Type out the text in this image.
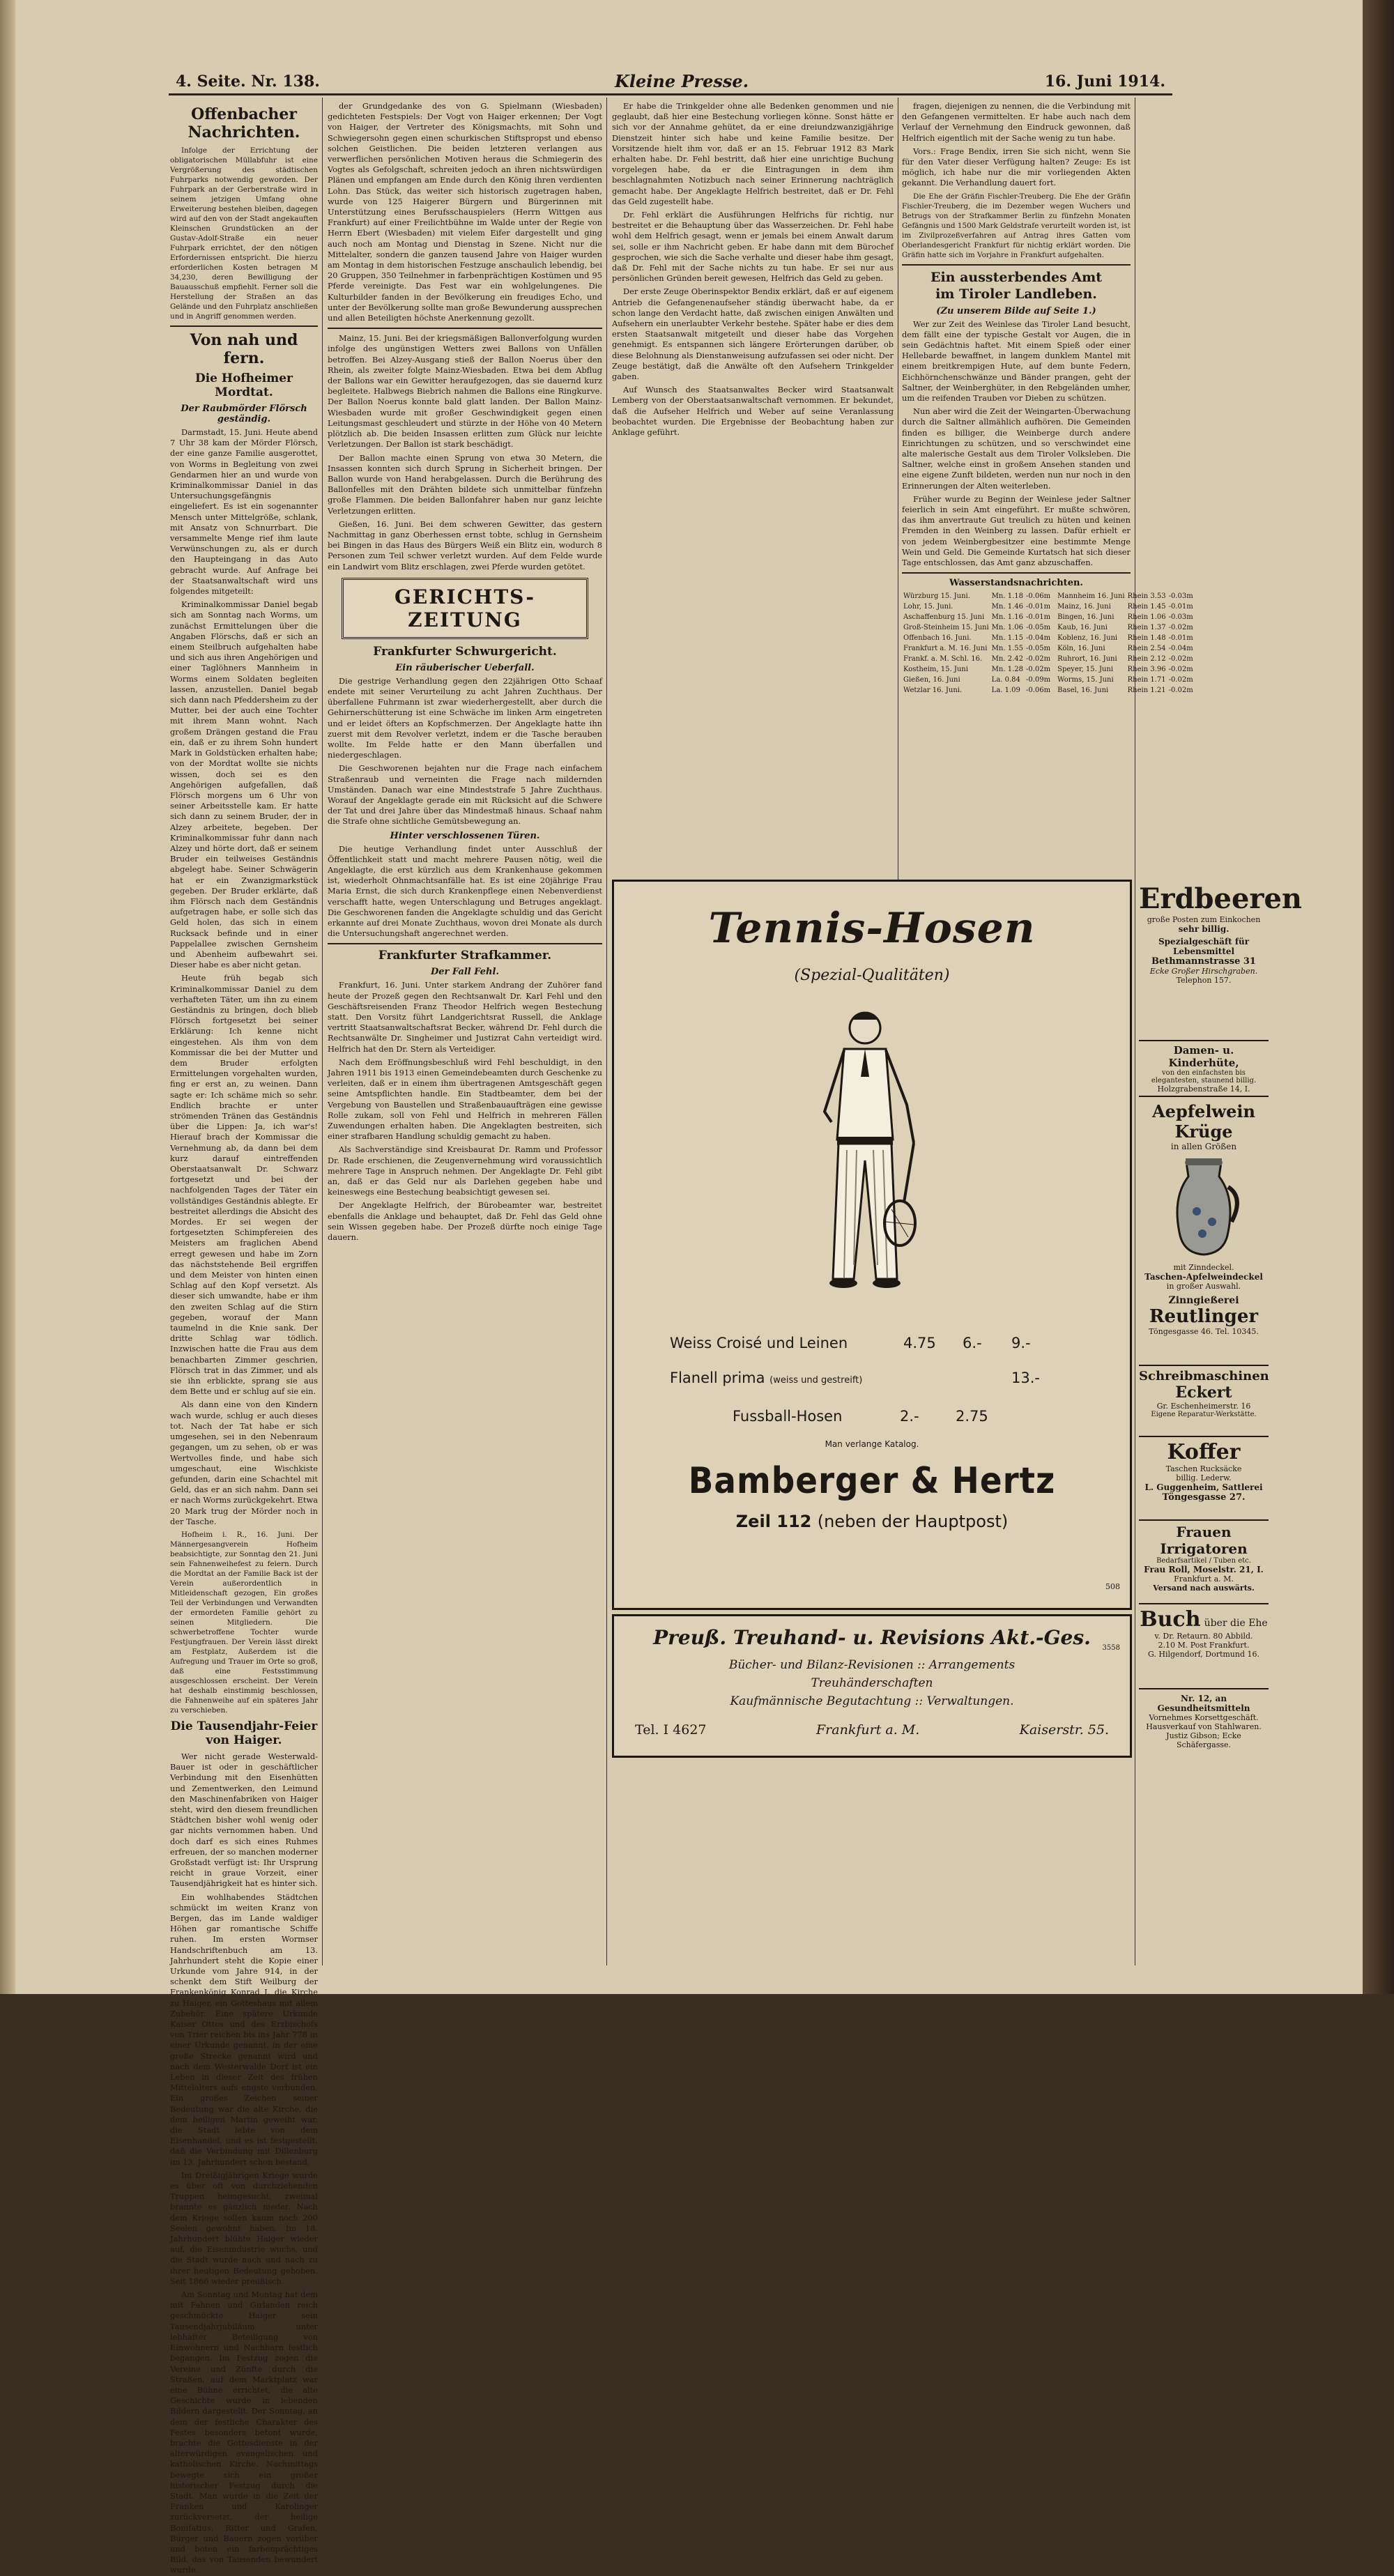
4. Seite. Nr. 138.	Kleine Presse.	16. Juni 1914.
Offenbacher Nachrichten.

Infolge der Errichtung der obligatorischen Müllabfuhr ist eine Vergrößerung des städtischen Fuhrparks notwendig geworden. Der Fuhrpark an der Gerberstraße wird in seinem jetzigen Umfang ohne Erweiterung bestehen bleiben, dagegen wird auf den von der Stadt angekauften Kleinschen Grundstücken an der Gustav-Adolf-Straße ein neuer Fuhrpark errichtet, der den nötigen Erfordernissen entspricht. Die hierzu erforderlichen Kosten betragen M 34,230, deren Bewilligung der Bauausschuß empfiehlt. Ferner soll die Herstellung der Straßen an das Gelände und den Fuhrplatz anschließen und in Angriff genommen werden.

Von nah und fern.
Die Hofheimer Mordtat.
Der Raubmörder Flörsch geständig.

Darmstadt, 15. Juni. Heute abend 7 Uhr 38 kam der Mörder Flörsch, der eine ganze Familie ausgerottet, von Worms in Begleitung von zwei Gendarmen hier an und wurde von Kriminalkommissar Daniel in das Untersuchungsgefängnis eingeliefert. Es ist ein sogenannter Mensch unter Mittelgröße, schlank, mit Ansatz von Schnurrbart. Die versammelte Menge rief ihm laute Verwünschungen zu, als er durch den Haupteingang in das Auto gebracht wurde. Auf Anfrage bei der Staatsanwaltschaft wird uns folgendes mitgeteilt:

Kriminalkommissar Daniel begab sich am Sonntag nach Worms, um zunächst Ermittelungen über die Angaben Flörschs, daß er sich an einem Steilbruch aufgehalten habe und sich aus ihren Angehörigen und einer Taglöhners Mannheim in Worms einem Soldaten begleiten lassen, anzustellen. Daniel begab sich dann nach Pfeddersheim zu der Mutter, bei der auch eine Tochter mit ihrem Mann wohnt. Nach großem Drängen gestand die Frau ein, daß er zu ihrem Sohn hundert Mark in Goldstücken erhalten habe; von der Mordtat wollte sie nichts wissen, doch sei es den Angehörigen aufgefallen, daß Flörsch morgens um 6 Uhr von seiner Arbeitsstelle kam. Er hatte sich dann zu seinem Bruder, der in Alzey arbeitete, begeben. Der Kriminalkommissar fuhr dann nach Alzey und hörte dort, daß er seinem Bruder ein teilweises Geständnis abgelegt habe. Seiner Schwägerin hat er ein Zwanzigmarkstück gegeben. Der Bruder erklärte, daß ihm Flörsch nach dem Geständnis aufgetragen habe, er solle sich das Geld holen, das sich in einem Rucksack befinde und in einer Pappelallee zwischen Gernsheim und Abenheim aufbewahrt sei. Dieser habe es aber nicht getan.

Heute früh begab sich Kriminalkommissar Daniel zu dem verhafteten Täter, um ihn zu einem Geständnis zu bringen, doch blieb Flörsch fortgesetzt bei seiner Erklärung: Ich kenne nicht eingestehen. Als ihm von dem Kommissar die bei der Mutter und dem Bruder erfolgten Ermittelungen vorgehalten wurden, fing er erst an, zu weinen. Dann sagte er: Ich schäme mich so sehr. Endlich brachte er unter strömenden Tränen das Geständnis über die Lippen: Ja, ich war's! Hierauf brach der Kommissar die Vernehmung ab, da dann bei dem kurz darauf eintreffenden Oberstaatsanwalt Dr. Schwarz fortgesetzt und bei der nachfolgenden Tages der Täter ein vollständiges Geständnis ablegte. Er bestreitet allerdings die Absicht des Mordes. Er sei wegen der fortgesetzten Schimpfereien des Meisters am fraglichen Abend erregt gewesen und habe im Zorn das nächststehende Beil ergriffen und dem Meister von hinten einen Schlag auf den Kopf versetzt. Als dieser sich umwandte, habe er ihm den zweiten Schlag auf die Stirn gegeben, worauf der Mann taumelnd in die Knie sank. Der dritte Schlag war tödlich. Inzwischen hatte die Frau aus dem benachbarten Zimmer geschrien, Flörsch trat in das Zimmer, und als sie ihn erblickte, sprang sie aus dem Bette und er schlug auf sie ein.

Als dann eine von den Kindern wach wurde, schlug er auch dieses tot. Nach der Tat habe er sich umgesehen, sei in den Nebenraum gegangen, um zu sehen, ob er was Wertvolles finde, und habe sich umgeschaut, eine Wischkiste gefunden, darin eine Schachtel mit Geld, das er an sich nahm. Dann sei er nach Worms zurückgekehrt. Etwa 20 Mark trug der Mörder noch in der Tasche.

Hofheim i. R., 16. Juni. Der Männergesangverein Hofheim beabsichtigte, zur Sonntag den 21. Juni sein Fahnenweihefest zu feiern. Durch die Mordtat an der Familie Back ist der Verein außerordentlich in Mitleidenschaft gezogen, Ein großes Teil der Verbindungen und Verwandten der ermordeten Familie gehört zu seinen Mitgliedern. Die schwerbetroffene Tochter wurde Festjungfrauen. Der Verein lässt direkt am Festplatz, Außerdem ist die Aufregung und Trauer im Orte so groß, daß eine Festsstimmung ausgeschlossen erscheint. Der Verein hat deshalb einstimmig beschlossen, die Fahnenweihe auf ein späteres Jahr zu verschieben.

Die Tausendjahr-Feier von Haiger.

Wer nicht gerade Westerwald-Bauer ist oder in geschäftlicher Verbindung mit den Eisenhütten und Zementwerken, den Leimund den Maschinenfabriken von Haiger steht, wird den diesem freundlichen Städtchen bisher wohl wenig oder gar nichts vernommen haben. Und doch darf es sich eines Ruhmes erfreuen, der so manchen moderner Großstadt verfügt ist: Ihr Ursprung reicht in graue Vorzeit, einer Tausendjährigkeit hat es hinter sich.

Ein wohlhabendes Städtchen schmückt im weiten Kranz von Bergen, das im Lande waldiger Höhen gar romantische Schiffe ruhen. Im ersten Wormser Handschriftenbuch am 13. Jahrhundert steht die Kopie einer Urkunde vom Jahre 914, in der schenkt dem Stift Weilburg der Frankenkönig Konrad I. die Kirche zu Haiger, ein Gotteshaus mit allem Zubehör. Eine spätere Urkunde Kaiser Ottos und des Erzbischofs von Trier reichen bis ins Jahr 778 in einer Urkunde genannt, in der eine große Strecke genannt wird und nach dem Westerwalde Dorf ist ein Leben in dieser Zeit des frühen Mittelalters aufs engste verbunden. Ein großes Zeichen seiner Bedeutung war die alte Kirche, die dem heiligen Martin geweiht war, die Stadt lebte von dem Eisenhandel, und es ist festgestellt, daß die Verbindung mit Dillenburg im 13. Jahrhundert schon bestand.

Im Dreißigjährigen Kriege wurde es über oft von durchziehenden Truppen heimgesucht, zweimal brannte es gänzlich nieder. Nach dem Kriege sollen kaum noch 200 Seelen gewohnt haben. Im 18. Jahrhundert blühte Haiger wieder auf, die Eisenindustrie wuchs, und die Stadt wurde nach und nach zu ihrer heutigen Bedeutung gehoben. Seit 1866 wieder preußisch.

Am Sonntag und Montag hat dem mit Fahnen und Girlanden reich geschmückte Haiger sein Tausendjahrjubiläum unter lebhafter Beteiligung von Einwohnern und Nachbarn festlich begangen. Im Festzug zogen die Vereine und Zünfte durch die Straßen, auf dem Marktplatz war eine Bühne errichtet, die alte Geschichte wurde in lebenden Bildern dargestellt. Der Sonntag, an dem der festliche Charakter des Festes besonders betont wurde, brachte die Gottesdienste in der alterwürdigen evangelischen und katholischen Kirche. Nachmittags bewegte sich ein großer historischer Festzug durch die Stadt. Man wurde in die Zeit der Franken und Karolinger zurückversetzt, der heilige Bonifatius, Ritter und Grafen, Bürger und Bauern zogen vorüber und boten ein farbenprächtiges Bild, das von Tausenden bewundert wurde.

der Grundgedanke des von G. Spielmann (Wiesbaden) gedichteten Festspiels: Der Vogt von Haiger erkennen; Der Vogt von Haiger, der Vertreter des Königsmachts, mit Sohn und Schwiegersohn gegen einen schurkischen Stiftspropst und ebenso solchen Geistlichen. Die beiden letzteren verlangen aus verwerflichen persönlichen Motiven heraus die Schmiegerin des Vogtes als Gefolgschaft, schreiten jedoch an ihren nichtswürdigen Plänen und empfangen am Ende durch den König ihren verdienten Lohn. Das Stück, das weiter sich historisch zugetragen haben, wurde von 125 Haigerer Bürgern und Bürgerinnen mit Unterstützung eines Berufsschauspielers (Herrn Wittgen aus Frankfurt) auf einer Freilichtbühne im Walde unter der Regie von Herrn Ebert (Wiesbaden) mit vielem Eifer dargestellt und ging auch noch am Montag und Dienstag in Szene. Nicht nur die Mittelalter, sondern die ganzen tausend Jahre von Haiger wurden am Montag in dem historischen Festzuge anschaulich lebendig, bei 20 Gruppen, 350 Teilnehmer in farbenprächtigen Kostümen und 95 Pferde vereinigte. Das Fest war ein wohlgelungenes. Die Kulturbilder fanden in der Bevölkerung ein freudiges Echo, und unter der Bevölkerung sollte man große Bewunderung aussprechen und allen Beteiligten höchste Anerkennung gezollt.

Mainz, 15. Juni. Bei der kriegsmäßigen Ballonverfolgung wurden infolge des ungünstigen Wetters zwei Ballons von Unfällen betroffen. Bei Alzey-Ausgang stieß der Ballon Noerus über den Rhein, als zweiter folgte Mainz-Wiesbaden. Etwa bei dem Abflug der Ballons war ein Gewitter heraufgezogen, das sie dauernd kurz begleitete. Halbwegs Biebrich nahmen die Ballons eine Ringkurve. Der Ballon Noerus konnte bald glatt landen. Der Ballon Mainz-Wiesbaden wurde mit großer Geschwindigkeit gegen einen Leitungsmast geschleudert und stürzte in der Höhe von 40 Metern plötzlich ab. Die beiden Insassen erlitten zum Glück nur leichte Verletzungen. Der Ballon ist stark beschädigt.

Der Ballon machte einen Sprung von etwa 30 Metern, die Insassen konnten sich durch Sprung in Sicherheit bringen. Der Ballon wurde von Hand herabgelassen. Durch die Berührung des Ballonfelles mit den Drähten bildete sich unmittelbar fünfzehn große Flammen. Die beiden Ballonfahrer haben nur ganz leichte Verletzungen erlitten.

Gießen, 16. Juni. Bei dem schweren Gewitter, das gestern Nachmittag in ganz Oberhessen ernst tobte, schlug in Gernsheim bei Bingen in das Haus des Bürgers Weiß ein Blitz ein, wodurch 8 Personen zum Teil schwer verletzt wurden. Auf dem Felde wurde ein Landwirt vom Blitz erschlagen, zwei Pferde wurden getötet.

GERICHTS-ZEITUNG
Frankfurter Schwurgericht.
Ein räuberischer Ueberfall.

Die gestrige Verhandlung gegen den 22jährigen Otto Schaaf endete mit seiner Verurteilung zu acht Jahren Zuchthaus. Der überfallene Fuhrmann ist zwar wiederhergestellt, aber durch die Gehirnerschütterung ist eine Schwäche im linken Arm eingetreten und er leidet öfters an Kopfschmerzen. Der Angeklagte hatte ihn zuerst mit dem Revolver verletzt, indem er die Tasche berauben wollte. Im Felde hatte er den Mann überfallen und niedergeschlagen.

Die Geschworenen bejahten nur die Frage nach einfachem Straßenraub und verneinten die Frage nach mildernden Umständen. Danach war eine Mindeststrafe 5 Jahre Zuchthaus. Worauf der Angeklagte gerade ein mit Rücksicht auf die Schwere der Tat und drei Jahre über das Mindestmaß hinaus. Schaaf nahm die Strafe ohne sichtliche Gemütsbewegung an.

Hinter verschlossenen Türen.

Die heutige Verhandlung findet unter Ausschluß der Öffentlichkeit statt und macht mehrere Pausen nötig, weil die Angeklagte, die erst kürzlich aus dem Krankenhause gekommen ist, wiederholt Ohnmachtsanfälle hat. Es ist eine 20jährige Frau Maria Ernst, die sich durch Krankenpflege einen Nebenverdienst verschafft hatte, wegen Unterschlagung und Betruges angeklagt. Die Geschworenen fanden die Angeklagte schuldig und das Gericht erkannte auf drei Monate Zuchthaus, wovon drei Monate als durch die Untersuchungshaft angerechnet werden.

Frankfurter Strafkammer.
Der Fall Fehl.

Frankfurt, 16. Juni. Unter starkem Andrang der Zuhörer fand heute der Prozeß gegen den Rechtsanwalt Dr. Karl Fehl und den Geschäftsreisenden Franz Theodor Helfrich wegen Bestechung statt. Den Vorsitz führt Landgerichtsrat Russell, die Anklage vertritt Staatsanwaltschaftsrat Becker, während Dr. Fehl durch die Rechtsanwälte Dr. Singheimer und Justizrat Cahn verteidigt wird. Helfrich hat den Dr. Stern als Verteidiger.

Nach dem Eröffnungsbeschluß wird Fehl beschuldigt, in den Jahren 1911 bis 1913 einen Gemeindebeamten durch Geschenke zu verleiten, daß er in einem ihm übertragenen Amtsgeschäft gegen seine Amtspflichten handle. Ein Stadtbeamter, dem bei der Vergebung von Baustellen und Straßenbauaufträgen eine gewisse Rolle zukam, soll von Fehl und Helfrich in mehreren Fällen Zuwendungen erhalten haben. Die Angeklagten bestreiten, sich einer strafbaren Handlung schuldig gemacht zu haben.

Als Sachverständige sind Kreisbaurat Dr. Ramm und Professor Dr. Rade erschienen, die Zeugenvernehmung wird voraussichtlich mehrere Tage in Anspruch nehmen. Der Angeklagte Dr. Fehl gibt an, daß er das Geld nur als Darlehen gegeben habe und keineswegs eine Bestechung beabsichtigt gewesen sei.

Der Angeklagte Helfrich, der Bürobeamter war, bestreitet ebenfalls die Anklage und behauptet, daß Dr. Fehl das Geld ohne sein Wissen gegeben habe. Der Prozeß dürfte noch einige Tage dauern.

Er habe die Trinkgelder ohne alle Bedenken genommen und nie geglaubt, daß hier eine Bestechung vorliegen könne. Sonst hätte er sich vor der Annahme gehütet, da er eine dreiundzwanzigjährige Dienstzeit hinter sich habe und keine Familie besitze. Der Vorsitzende hielt ihm vor, daß er an 15. Februar 1912 83 Mark erhalten habe. Dr. Fehl bestritt, daß hier eine unrichtige Buchung vorgelegen habe, da er die Eintragungen in dem ihm beschlagnahmten Notizbuch nach seiner Erinnerung nachträglich gemacht habe. Der Angeklagte Helfrich bestreitet, daß er Dr. Fehl das Geld zugestellt habe.

Dr. Fehl erklärt die Ausführungen Helfrichs für richtig, nur bestreitet er die Behauptung über das Wasserzeichen. Dr. Fehl habe wohl dem Helfrich gesagt, wenn er jemals bei einem Anwalt darum sei, solle er ihm Nachricht geben. Er habe dann mit dem Bürochef gesprochen, wie sich die Sache verhalte und dieser habe ihm gesagt, daß Dr. Fehl mit der Sache nichts zu tun habe. Er sei nur aus persönlichen Gründen bereit gewesen, Helfrich das Geld zu geben.

Der erste Zeuge Oberinspektor Bendix erklärt, daß er auf eigenem Antrieb die Gefangenenaufseher ständig überwacht habe, da er schon lange den Verdacht hatte, daß zwischen einigen Anwälten und Aufsehern ein unerlaubter Verkehr bestehe. Später habe er dies dem ersten Staatsanwalt mitgeteilt und dieser habe das Vorgehen genehmigt. Es entspannen sich längere Erörterungen darüber, ob diese Belohnung als Dienstanweisung aufzufassen sei oder nicht. Der Zeuge bestätigt, daß die Anwälte oft den Aufsehern Trinkgelder gaben.

Auf Wunsch des Staatsanwaltes Becker wird Staatsanwalt Lemberg von der Oberstaatsanwaltschaft vernommen. Er bekundet, daß die Aufseher Helfrich und Weber auf seine Veranlassung beobachtet wurden. Die Ergebnisse der Beobachtung haben zur Anklage geführt.

fragen, diejenigen zu nennen, die die Verbindung mit den Gefangenen vermittelten. Er habe auch nach dem Verlauf der Vernehmung den Eindruck gewonnen, daß Helfrich eigentlich mit der Sache wenig zu tun habe.

Vors.: Frage Bendix, irren Sie sich nicht, wenn Sie für den Vater dieser Verfügung halten? Zeuge: Es ist möglich, ich habe nur die mir vorliegenden Akten gekannt. Die Verhandlung dauert fort.

Die Ehe der Gräfin Fischler-Treuberg. Die Ehe der Gräfin Fischler-Treuberg, die im Dezember wegen Wuchers und Betrugs von der Strafkammer Berlin zu fünfzehn Monaten Gefängnis und 1500 Mark Geldstrafe verurteilt worden ist, ist im Zivilprozeßverfahren auf Antrag ihres Gatten vom Oberlandesgericht Frankfurt für nichtig erklärt worden. Die Gräfin hatte sich im Vorjahre in Frankfurt aufgehalten.

Ein aussterbendes Amt
im Tiroler Landleben.
(Zu unserem Bilde auf Seite 1.)

Wer zur Zeit des Weinlese das Tiroler Land besucht, dem fällt eine der typische Gestalt vor Augen, die in sein Gedächtnis haftet. Mit einem Spieß oder einer Hellebarde bewaffnet, in langem dunklem Mantel mit einem breitkrempigen Hute, auf dem bunte Federn, Eichhörnchenschwänze und Bänder prangen, geht der Saltner, der Weinberghüter, in den Rebgeländen umher, um die reifenden Trauben vor Dieben zu schützen.

Nun aber wird die Zeit der Weingarten-Überwachung durch die Saltner allmählich aufhören. Die Gemeinden finden es billiger, die Weinberge durch andere Einrichtungen zu schützen, und so verschwindet eine alte malerische Gestalt aus dem Tiroler Volksleben. Die Saltner, welche einst in großem Ansehen standen und eine eigene Zunft bildeten, werden nun nur noch in den Erinnerungen der Alten weiterleben.

Früher wurde zu Beginn der Weinlese jeder Saltner feierlich in sein Amt eingeführt. Er mußte schwören, das ihm anvertraute Gut treulich zu hüten und keinen Fremden in den Weinberg zu lassen. Dafür erhielt er von jedem Weinbergbesitzer eine bestimmte Menge Wein und Geld. Die Gemeinde Kurtatsch hat sich dieser Tage entschlossen, das Amt ganz abzuschaffen.

Wasserstandsnachrichten.
Würzburg 15. Juni.	Mn. 1.18	-0.06m
Lohr, 15. Juni.	Mn. 1.46	-0.01m
Aschaffenburg 15. Juni	Mn. 1.16	-0.01m
Groß-Steinheim 15. Juni	Mn. 1.06	-0.05m
Offenbach 16. Juni.	Mn. 1.15	-0.04m
Frankfurt a. M. 16. Juni	Mn. 1.55	-0.05m
Frankf. a. M. Schl. 16.	Mn. 2.42	-0.02m
Kostheim, 15. Juni	Mn. 1.28	-0.02m
Gießen, 16. Juni	La. 0.84	-0.09m
Wetzlar 16. Juni.	La. 1.09	-0.06m
Mannheim 16. Juni	Rhein 3.53	-0.03m
Mainz, 16. Juni	Rhein 1.45	-0.01m
Bingen, 16. Juni	Rhein 1.06	-0.03m
Kaub, 16. Juni	Rhein 1.37	-0.02m
Koblenz, 16. Juni	Rhein 1.48	-0.01m
Köln, 16. Juni	Rhein 2.54	-0.04m
Ruhrort, 16. Juni	Rhein 2.12	-0.02m
Speyer, 15. Juni	Rhein 3.96	-0.02m
Worms, 15. Juni	Rhein 1.71	-0.02m
Basel, 16. Juni	Rhein 1.21	-0.02m
Tennis-Hosen
(Spezial-Qualitäten)
Weiss Croisé und Leinen	4.75 6.- 9.-
Flanell prima (weiss und gestreift)	13.-
Fussball-Hosen	2.- 2.75
Man verlange Katalog.
Bamberger & Hertz
Zeil 112 (neben der Hauptpost)
508
Preuß. Treuhand- u. Revisions Akt.-Ges.
Bücher- und Bilanz-Revisionen :: Arrangements
Treuhänderschaften
Kaufmännische Begutachtung :: Verwaltungen.
Tel. I 4627	Frankfurt a. M.	Kaiserstr. 55.
3558
Erdbeeren
große Posten zum Einkochen
sehr billig.
Spezialgeschäft für Lebensmittel
Bethmannstrasse 31
Ecke Großer Hirschgraben.
Telephon 157.
Damen- u. Kinderhüte,
von den einfachsten bis elegantesten, staunend billig.
Holzgrabenstraße 14, I.
Aepfelwein Krüge
in allen Größen
mit Zinndeckel.
Taschen-Apfelweindeckel
in großer Auswahl.
Zinngießerei
Reutlinger
Töngesgasse 46. Tel. 10345.
Schreibmaschinen
Eckert
Gr. Eschenheimerstr. 16
Eigene Reparatur-Werkstätte.
Koffer
Taschen Rucksäcke
billig. Lederw.
L. Guggenheim, Sattlerei
Töngesgasse 27.
Frauen Irrigatoren
Bedarfsartikel / Tuben etc.
Frau Roll, Moselstr. 21, I.
Frankfurt a. M.
Versand nach auswärts.
Buch über die Ehe
v. Dr. Retaurn. 80 Abbild.
2.10 M. Post Frankfurt.
G. Hilgendorf, Dortmund 16.
Nr. 12, an Gesundheitsmitteln
Vornehmes Korsettgeschäft.
Hausverkauf von Stahlwaren.
Justiz Gibson; Ecke Schäfergasse.
